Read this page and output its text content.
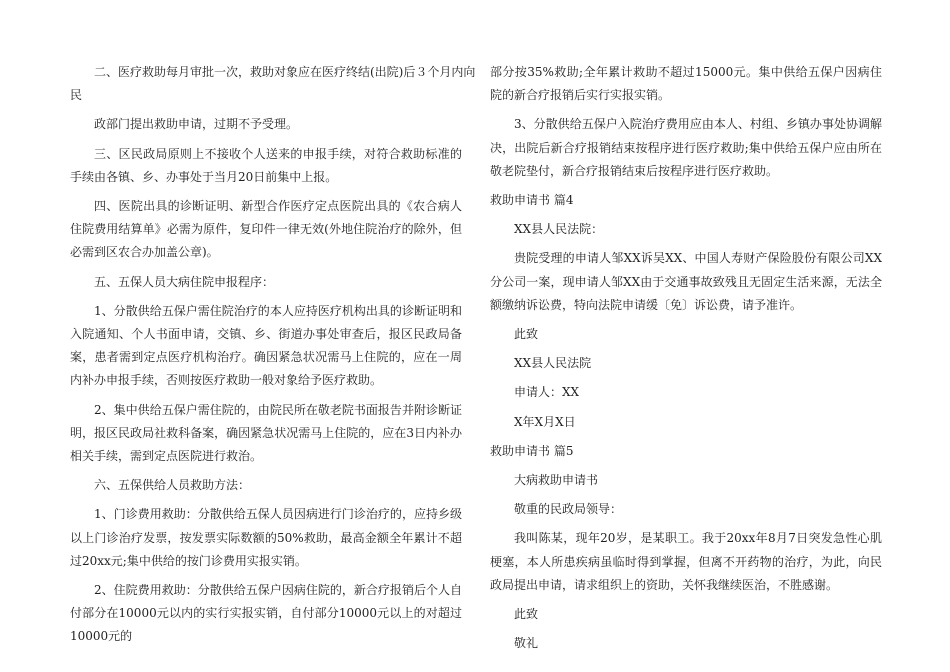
二、医疗救助每月审批一次，救助对象应在医疗终结(出院)后３个月内向

民

政部门提出救助申请，过期不予受理。

三、区民政局原则上不接收个人送来的申报手续，对符合救助标准的手续由各镇、乡、办事处于当月20日前集中上报。

四、医院出具的诊断证明、新型合作医疗定点医院出具的《农合病人住院费用结算单》必需为原件，复印件一律无效(外地住院治疗的除外，但必需到区农合办加盖公章)。

五、五保人员大病住院申报程序：

1、分散供给五保户需住院治疗的本人应持医疗机构出具的诊断证明和入院通知、个人书面申请，交镇、乡、街道办事处审查后，报区民政局备案，患者需到定点医疗机构治疗。确因紧急状况需马上住院的，应在一周内补办申报手续，否则按医疗救助一般对象给予医疗救助。

2、集中供给五保户需住院的，由院民所在敬老院书面报告并附诊断证明，报区民政局社救科备案，确因紧急状况需马上住院的，应在3日内补办相关手续，需到定点医院进行救治。

六、五保供给人员救助方法：

1、门诊费用救助：分散供给五保人员因病进行门诊治疗的，应持乡级以上门诊治疗发票，按发票实际数额的50%救助，最高金额全年累计不超过20xx元;集中供给的按门诊费用实报实销。

2、住院费用救助：分散供给五保户因病住院的，新合疗报销后个人自付部分在10000元以内的实行实报实销，自付部分10000元以上的对超过10000元的

部分按35%救助;全年累计救助不超过15000元。集中供给五保户因病住院的新合疗报销后实行实报实销。

3、分散供给五保户入院治疗费用应由本人、村组、乡镇办事处协调解决，出院后新合疗报销结束按程序进行医疗救助;集中供给五保户应由所在敬老院垫付，新合疗报销结束后按程序进行医疗救助。

救助申请书 篇4

XX县人民法院：

贵院受理的申请人邹XX诉吴XX、中国人寿财产保险股份有限公司XX分公司一案，现申请人邹XX由于交通事故致残且无固定生活来源，无法全额缴纳诉讼费，特向法院申请缓〔免〕诉讼费，请予准许。

此致

XX县人民法院

申请人：XX

X年X月X日

救助申请书 篇5

大病救助申请书

敬重的民政局领导：

我叫陈某，现年20岁，是某职工。我于20xx年8月7日突发急性心肌梗塞，本人所患疾病虽临时得到掌握，但离不开药物的治疗，为此，向民政局提出申请，请求组织上的资助，关怀我继续医治，不胜感谢。

此致

敬礼
